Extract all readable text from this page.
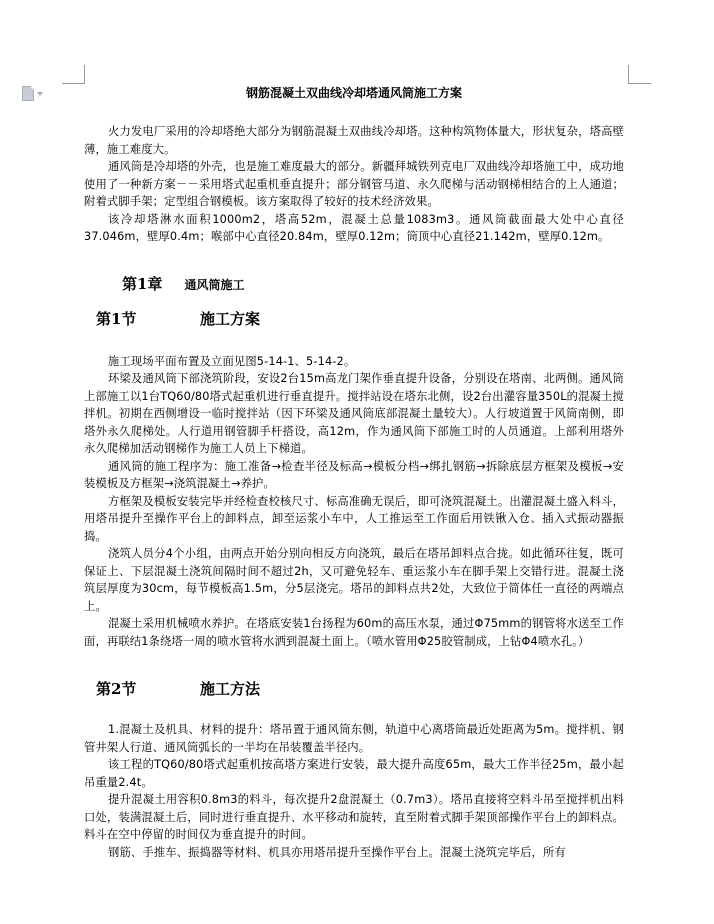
钢筋混凝土双曲线冷却塔通风筒施工方案

火力发电厂采用的冷却塔绝大部分为钢筋混凝土双曲线冷却塔。这种构筑物体量大，形状复杂，塔高壁薄，施工难度大。

通风筒是冷却塔的外壳，也是施工难度最大的部分。新疆拜城铁列克电厂双曲线冷却塔施工中，成功地使用了一种新方案－－采用塔式起重机垂直提升；部分钢管马道、永久爬梯与活动钢梯相结合的上人通道；附着式脚手架；定型组合钢模板。该方案取得了较好的技术经济效果。

该冷却塔淋水面积1000m2，塔高52m，混凝土总量1083m3。通风筒截面最大处中心直径37.046m，壁厚0.4m；喉部中心直径20.84m，壁厚0.12m；筒顶中心直径21.142m，壁厚0.12m。

第1章 通风筒施工
第1节	施工方案

施工现场平面布置及立面见图5-14-1、5-14-2。

环梁及通风筒下部浇筑阶段，安设2台15m高龙门架作垂直提升设备，分别设在塔南、北两侧。通风筒上部施工以1台TQ60/80塔式起重机进行垂直提升。搅拌站设在塔东北侧，设2台出灌容量350L的混凝土搅拌机。初期在西侧增设一临时搅拌站（因下环梁及通风筒底部混凝土量较大）。人行坡道置于风筒南侧，即塔外永久爬梯处。人行道用钢管脚手杆搭设，高12m，作为通风筒下部施工时的人员通道。上部利用塔外永久爬梯加活动钢梯作为施工人员上下梯道。

通风筒的施工程序为：施工准备→检查半径及标高→模板分档→绑扎钢筋→拆除底层方框架及模板→安装模板及方框架→浇筑混凝土→养护。

方框架及模板安装完毕并经检查校核尺寸、标高准确无误后，即可浇筑混凝土。出灌混凝土盛入料斗，用塔吊提升至操作平台上的卸料点，卸至运浆小车中，人工推运至工作面后用铁锹入仓、插入式振动器振捣。

浇筑人员分4个小组，由两点开始分别向相反方向浇筑，最后在塔吊卸料点合拢。如此循环往复，既可保证上、下层混凝土浇筑间隔时间不超过2h，又可避免轻车、重运浆小车在脚手架上交错行进。混凝土浇筑层厚度为30cm，每节模板高1.5m，分5层浇完。塔吊的卸料点共2处，大致位于简体任一直径的两端点上。

混凝土采用机械喷水养护。在塔底安装1台扬程为60m的高压水泵，通过Φ75mm的钢管将水送至工作面，再联结1条绕塔一周的喷水管将水洒到混凝土面上。（喷水管用Φ25胶管制成，上钻Φ4喷水孔。）

第2节	施工方法

1.混凝土及机具、材料的提升：塔吊置于通风筒东侧，轨道中心离塔筒最近处距离为5m。搅拌机、钢管井架人行道、通风筒弧长的一半均在吊装覆盖半径内。

该工程的TQ60/80塔式起重机按高塔方案进行安装，最大提升高度65m，最大工作半径25m，最小起吊重量2.4t。

提升混凝土用容积0.8m3的料斗，每次提升2盘混凝土（0.7m3）。塔吊直接将空料斗吊至搅拌机出料口处，装满混凝土后，同时进行垂直提升、水平移动和旋转，直至附着式脚手架顶部操作平台上的卸料点。料斗在空中停留的时间仅为垂直提升的时间。

钢筋、手推车、振捣器等材料、机具亦用塔吊提升至操作平台上。混凝土浇筑完毕后，所有
